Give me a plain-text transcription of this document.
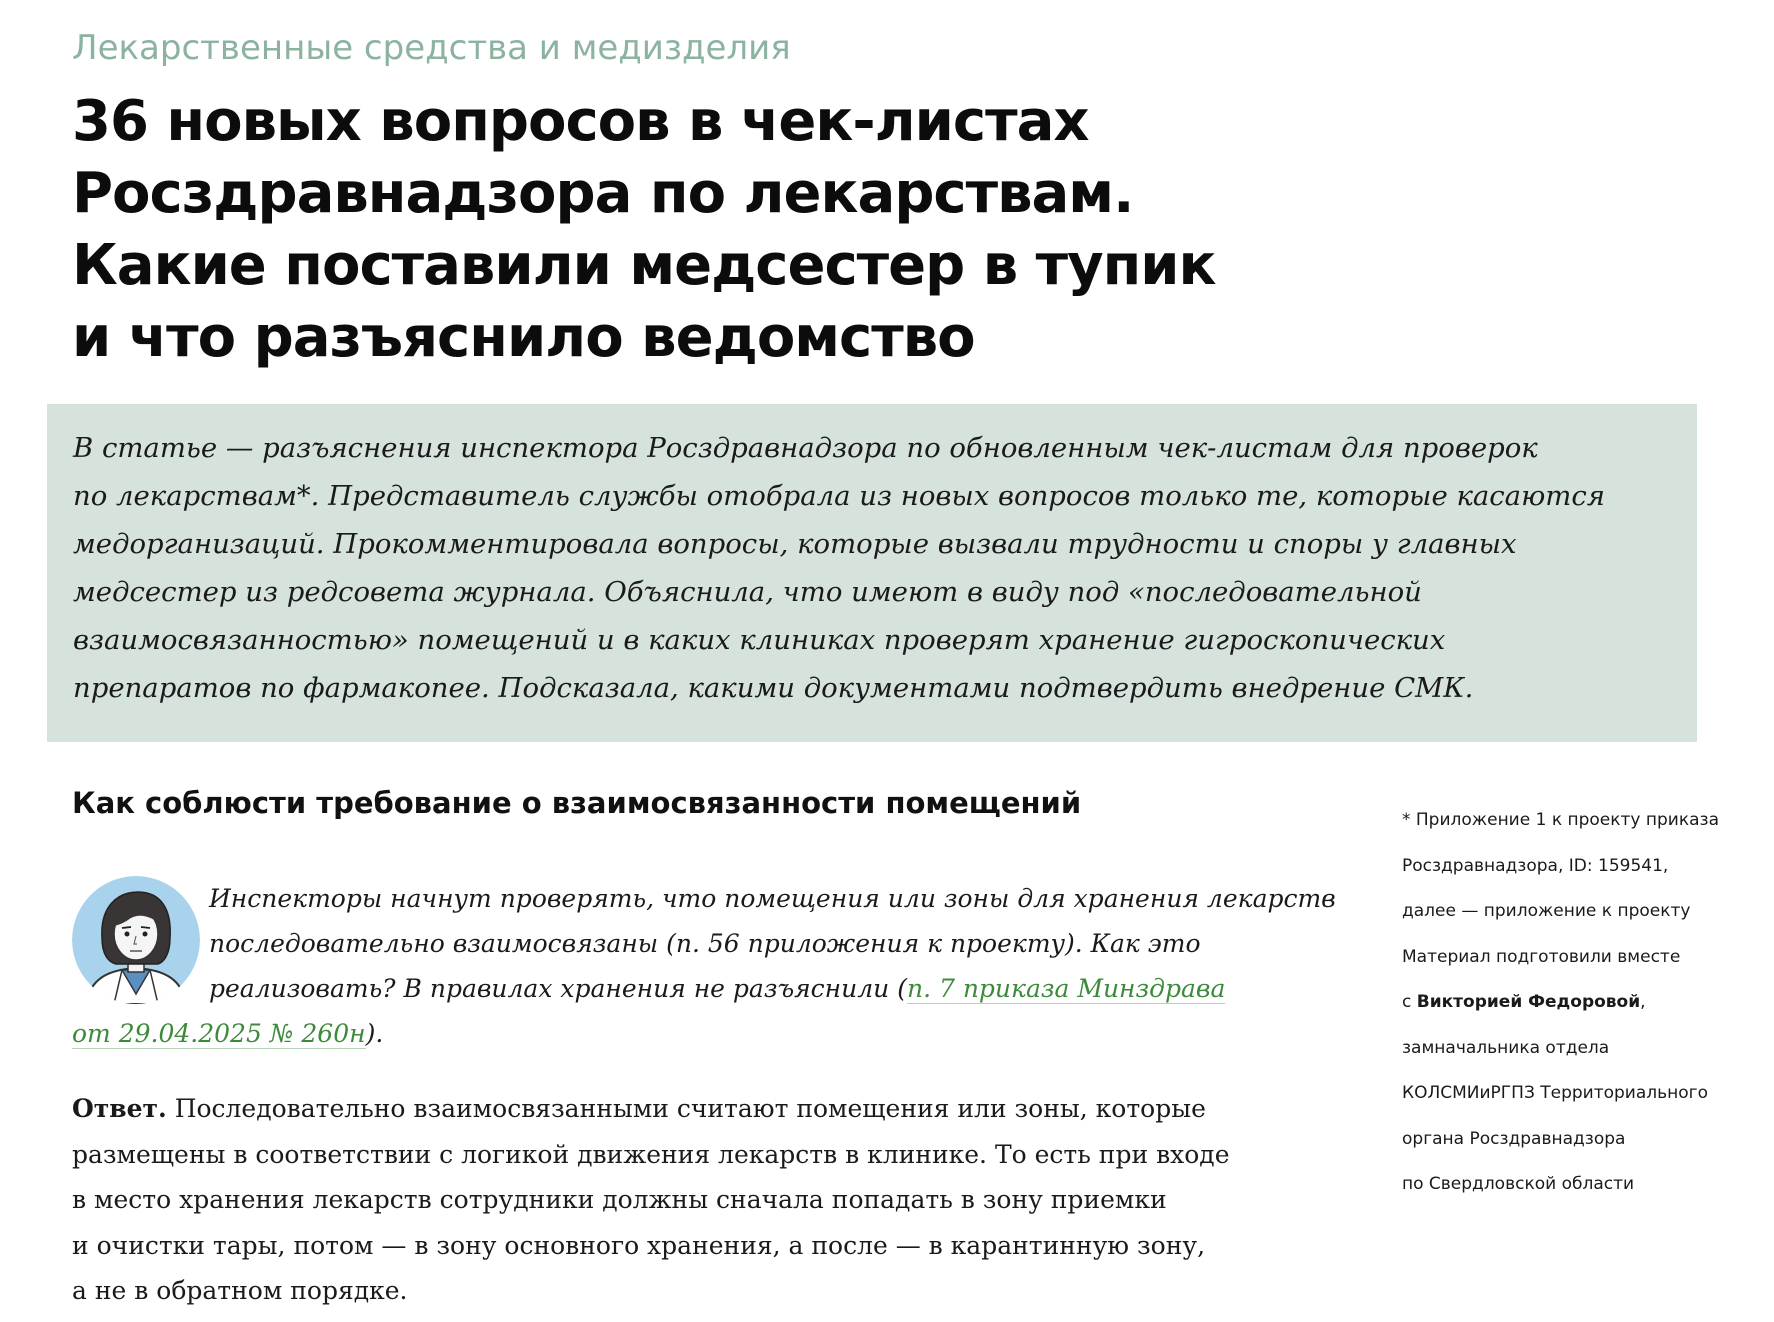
Лекарственные средства и медизделия
36 новых вопросов в чек-листах
Росздравнадзора по лекарствам.
Какие поставили медсестер в тупик
и что разъяснило ведомство
В статье — разъяснения инспектора Росздравнадзора по обновленным чек-листам для проверок
по лекарствам*. Представитель службы отобрала из новых вопросов только те, которые касаются
медорганизаций. Прокомментировала вопросы, которые вызвали трудности и споры у главных
медсестер из редсовета журнала. Объяснила, что имеют в виду под «последовательной
взаимосвязанностью» помещений и в каких клиниках проверят хранение гигроскопических
препаратов по фармакопее. Подсказала, какими документами подтвердить внедрение СМК.
Как соблюсти требование о взаимосвязанности помещений
Инспекторы начнут проверять, что помещения или зоны для хранения лекарств
последовательно взаимосвязаны (п. 56 приложения к проекту). Как это
реализовать? В правилах хранения не разъяснили (п. 7 приказа Минздрава
от 29.04.2025 № 260н).
Ответ. Последовательно взаимосвязанными считают помещения или зоны, которые
размещены в соответствии с логикой движения лекарств в клинике. То есть при входе
в место хранения лекарств сотрудники должны сначала попадать в зону приемки
и очистки тары, потом — в зону основного хранения, а после — в карантинную зону,
а не в обратном порядке.
* Приложение 1 к проекту приказа
Росздравнадзора, ID: 159541,
далее — приложение к проекту
Материал подготовили вместе
с Викторией Федоровой,
замначальника отдела
КОЛСМИиРГПЗ Территориального
органа Росздравнадзора
по Свердловской области
